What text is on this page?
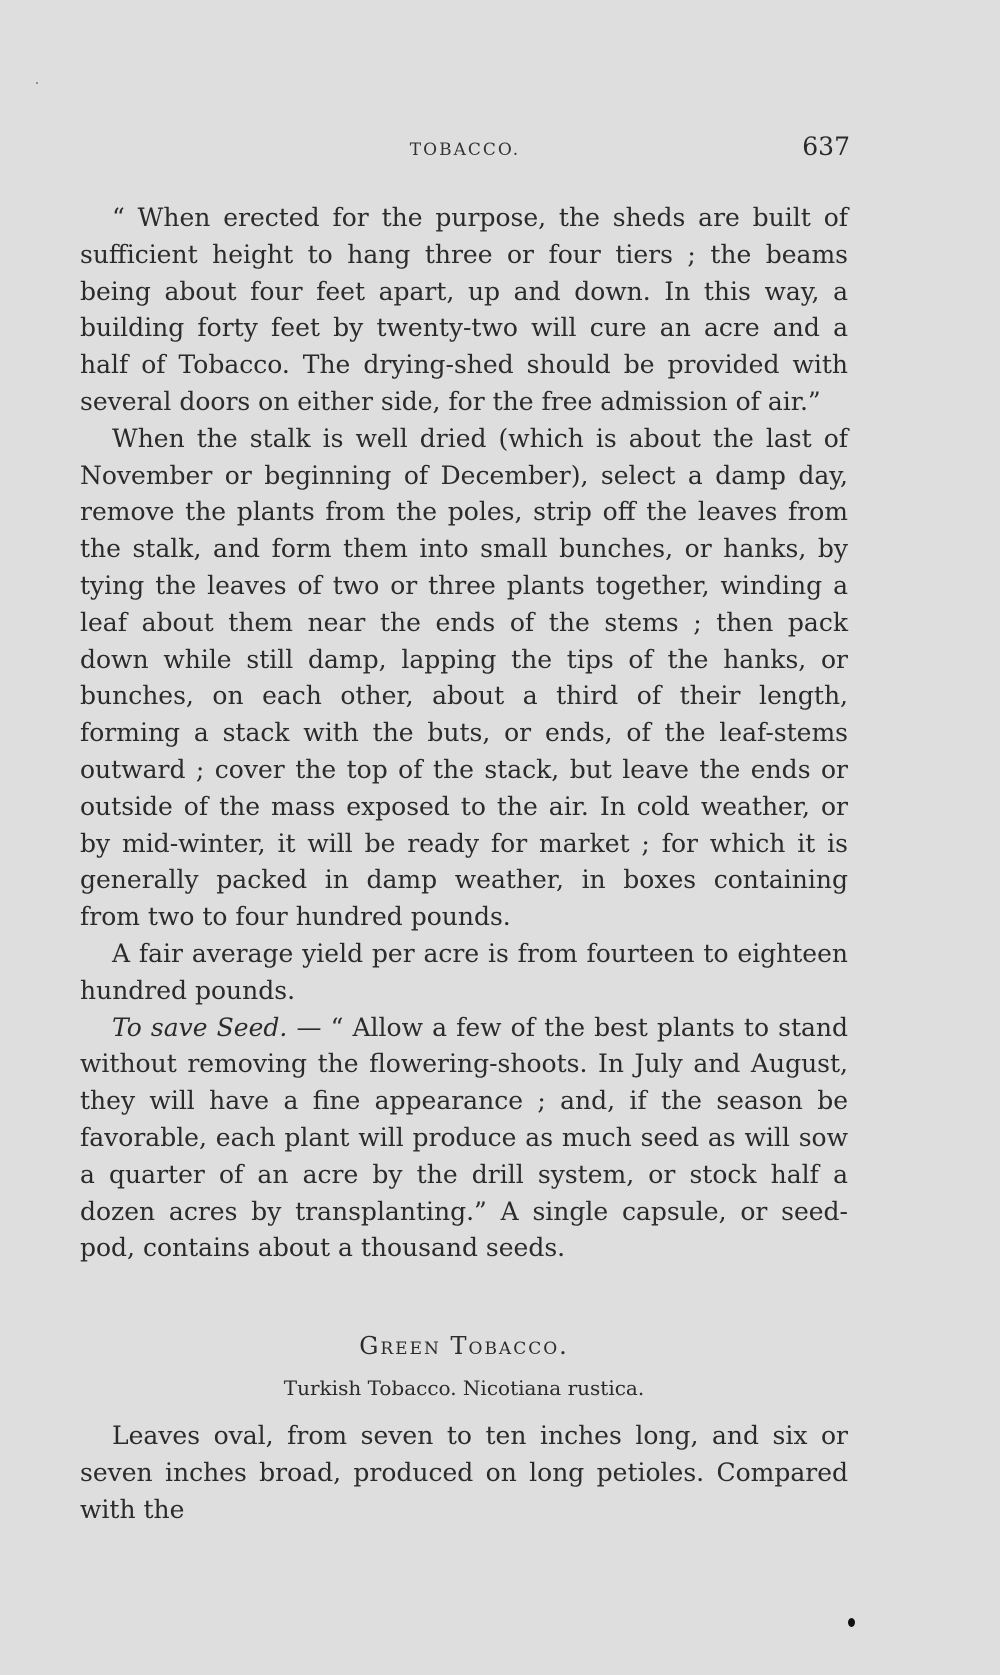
TOBACCO.	637

“ When erected for the purpose, the sheds are built of sufficient height to hang three or four tiers ; the beams being about four feet apart, up and down. In this way, a building forty feet by twenty-two will cure an acre and a half of Tobacco. The drying-shed should be provided with several doors on either side, for the free admission of air.”

When the stalk is well dried (which is about the last of November or beginning of December), select a damp day, remove the plants from the poles, strip off the leaves from the stalk, and form them into small bunches, or hanks, by tying the leaves of two or three plants together, winding a leaf about them near the ends of the stems ; then pack down while still damp, lapping the tips of the hanks, or bunches, on each other, about a third of their length, forming a stack with the buts, or ends, of the leaf-stems outward ; cover the top of the stack, but leave the ends or outside of the mass exposed to the air. In cold weather, or by mid-winter, it will be ready for market ; for which it is generally packed in damp weather, in boxes containing from two to four hundred pounds.

A fair average yield per acre is from fourteen to eighteen hundred pounds.

To save Seed. — “ Allow a few of the best plants to stand without removing the flowering-shoots. In July and August, they will have a fine appearance ; and, if the season be favorable, each plant will produce as much seed as will sow a quarter of an acre by the drill system, or stock half a dozen acres by transplanting.” A single capsule, or seed-pod, contains about a thousand seeds.

Green Tobacco.
Turkish Tobacco. Nicotiana rustica.

Leaves oval, from seven to ten inches long, and six or seven inches broad, produced on long petioles. Compared with the
